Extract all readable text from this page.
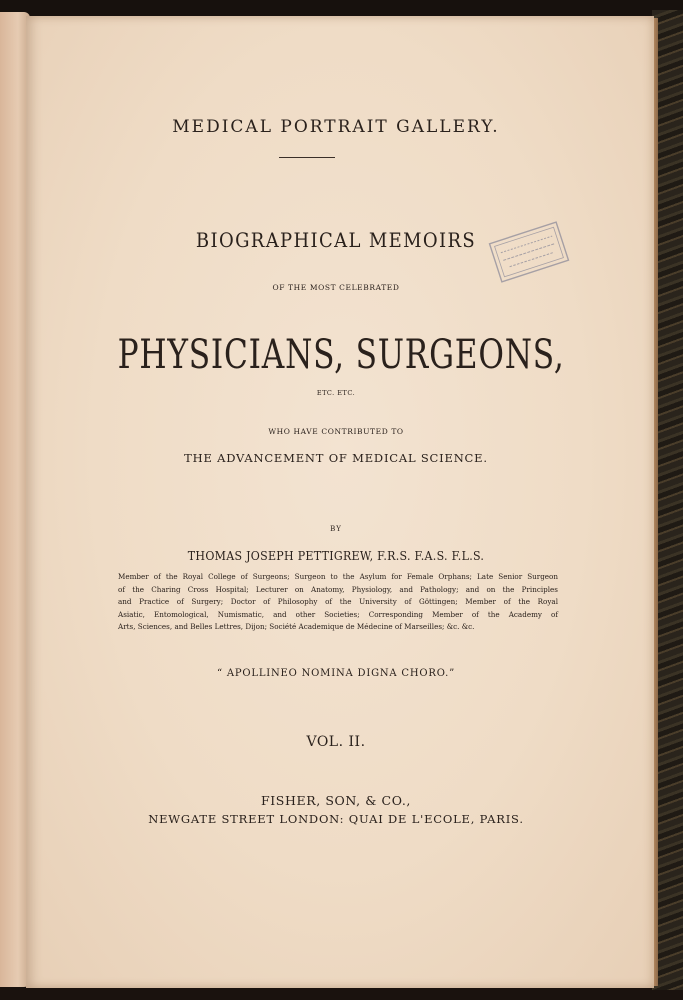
MEDICAL PORTRAIT GALLERY.
BIOGRAPHICAL MEMOIRS
OF THE MOST CELEBRATED
PHYSICIANS, SURGEONS,
ETC. ETC.
WHO HAVE CONTRIBUTED TO
THE ADVANCEMENT OF MEDICAL SCIENCE.
BY
THOMAS JOSEPH PETTIGREW, F.R.S. F.A.S. F.L.S.
Member of the Royal College of Surgeons; Surgeon to the Asylum for Female Orphans; Late Senior Surgeon
of the Charing Cross Hospital; Lecturer on Anatomy, Physiology, and Pathology; and on the Principles
and Practice of Surgery; Doctor of Philosophy of the University of Göttingen; Member of the Royal
Asiatic, Entomological, Numismatic, and other Societies; Corresponding Member of the Academy of
Arts, Sciences, and Belles Lettres, Dijon; Société Academique de Médecine of Marseilles; &c. &c.
“ APOLLINEO NOMINA DIGNA CHORO.”
VOL. II.
FISHER, SON, & CO.,
NEWGATE STREET LONDON: QUAI DE L'ECOLE, PARIS.
